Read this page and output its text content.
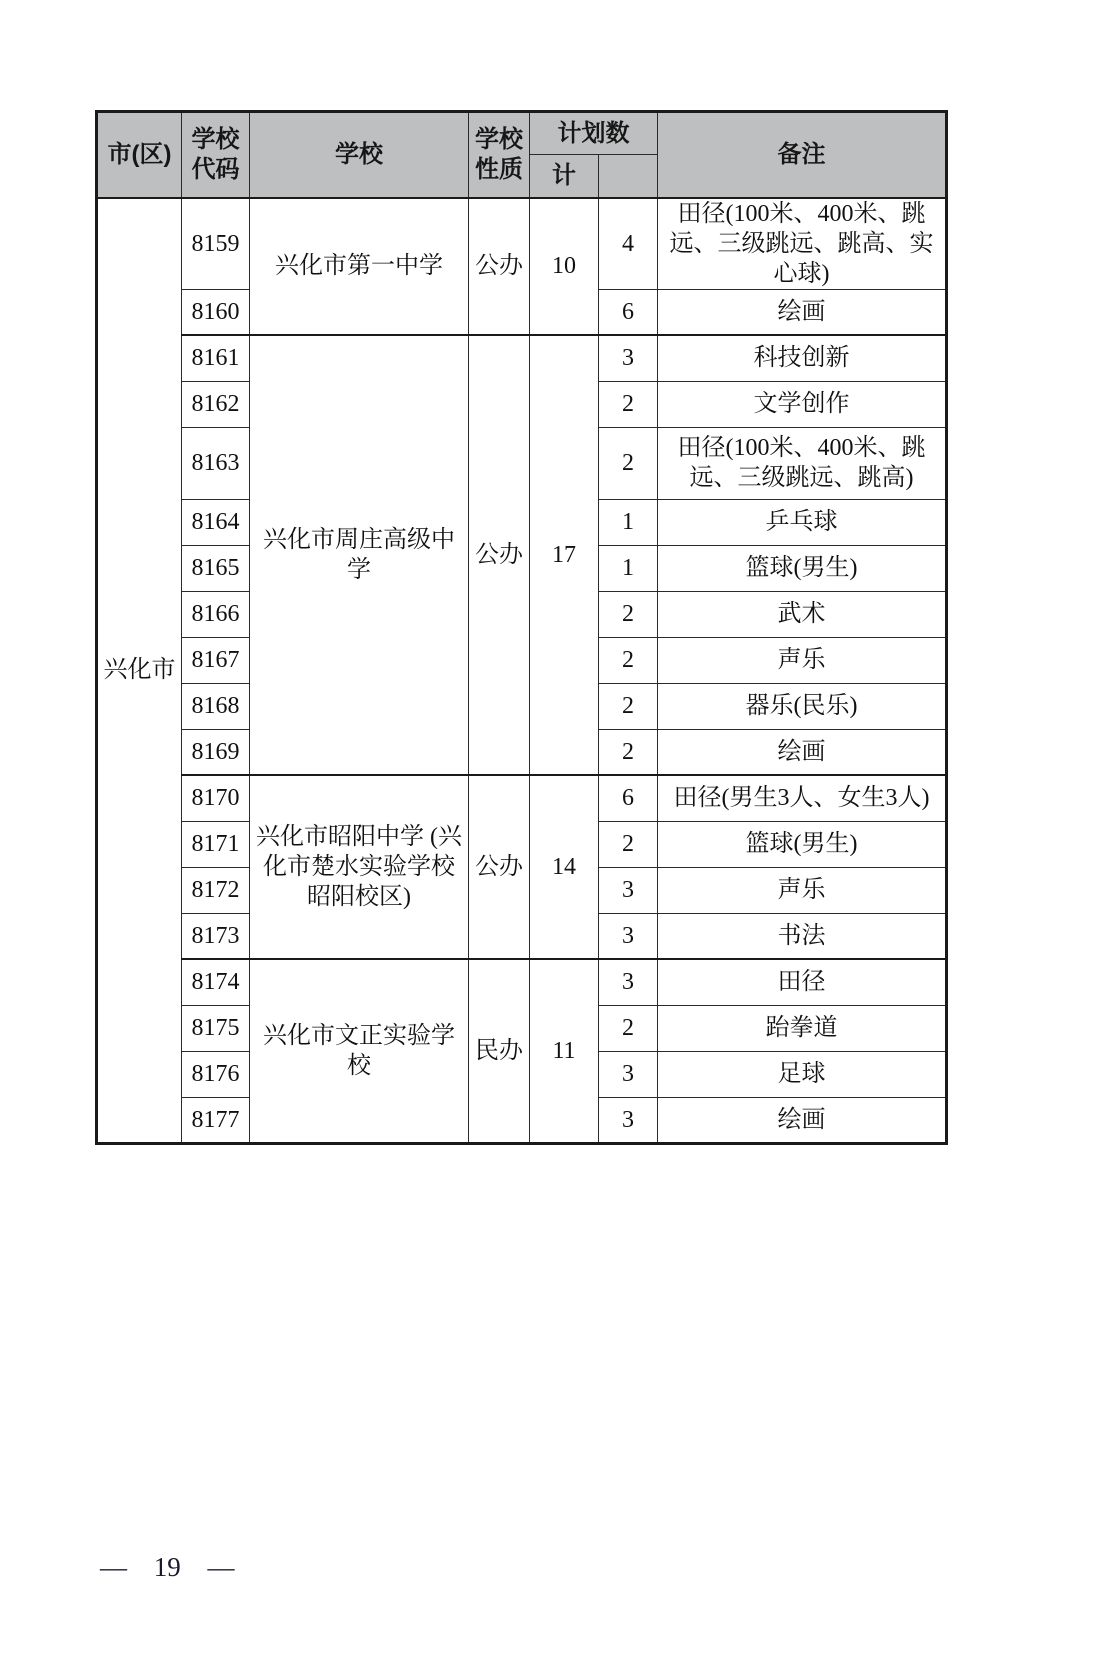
市(区)	学校代码	学校	学校性质	计划数		备注
				计		
兴化市	8159	兴化市第一中学	公办	10	4	田径(100米、400米、跳远、三级跳远、跳高、实心球)
	8160				6	绘画
	8161	兴化市周庄高级中学	公办	17	3	科技创新
	8162				2	文学创作
	8163				2	田径(100米、400米、跳远、三级跳远、跳高)
	8164				1	乒乓球
	8165				1	篮球(男生)
	8166				2	武术
	8167				2	声乐
	8168				2	器乐(民乐)
	8169				2	绘画
	8170	兴化市昭阳中学 (兴化市楚水实验学校昭阳校区)	公办	14	6	田径(男生3人、女生3人)
	8171				2	篮球(男生)
	8172				3	声乐
	8173				3	书法
	8174	兴化市文正实验学校	民办	11	3	田径
	8175				2	跆拳道
	8176				3	足球
	8177				3	绘画
— 19 —
